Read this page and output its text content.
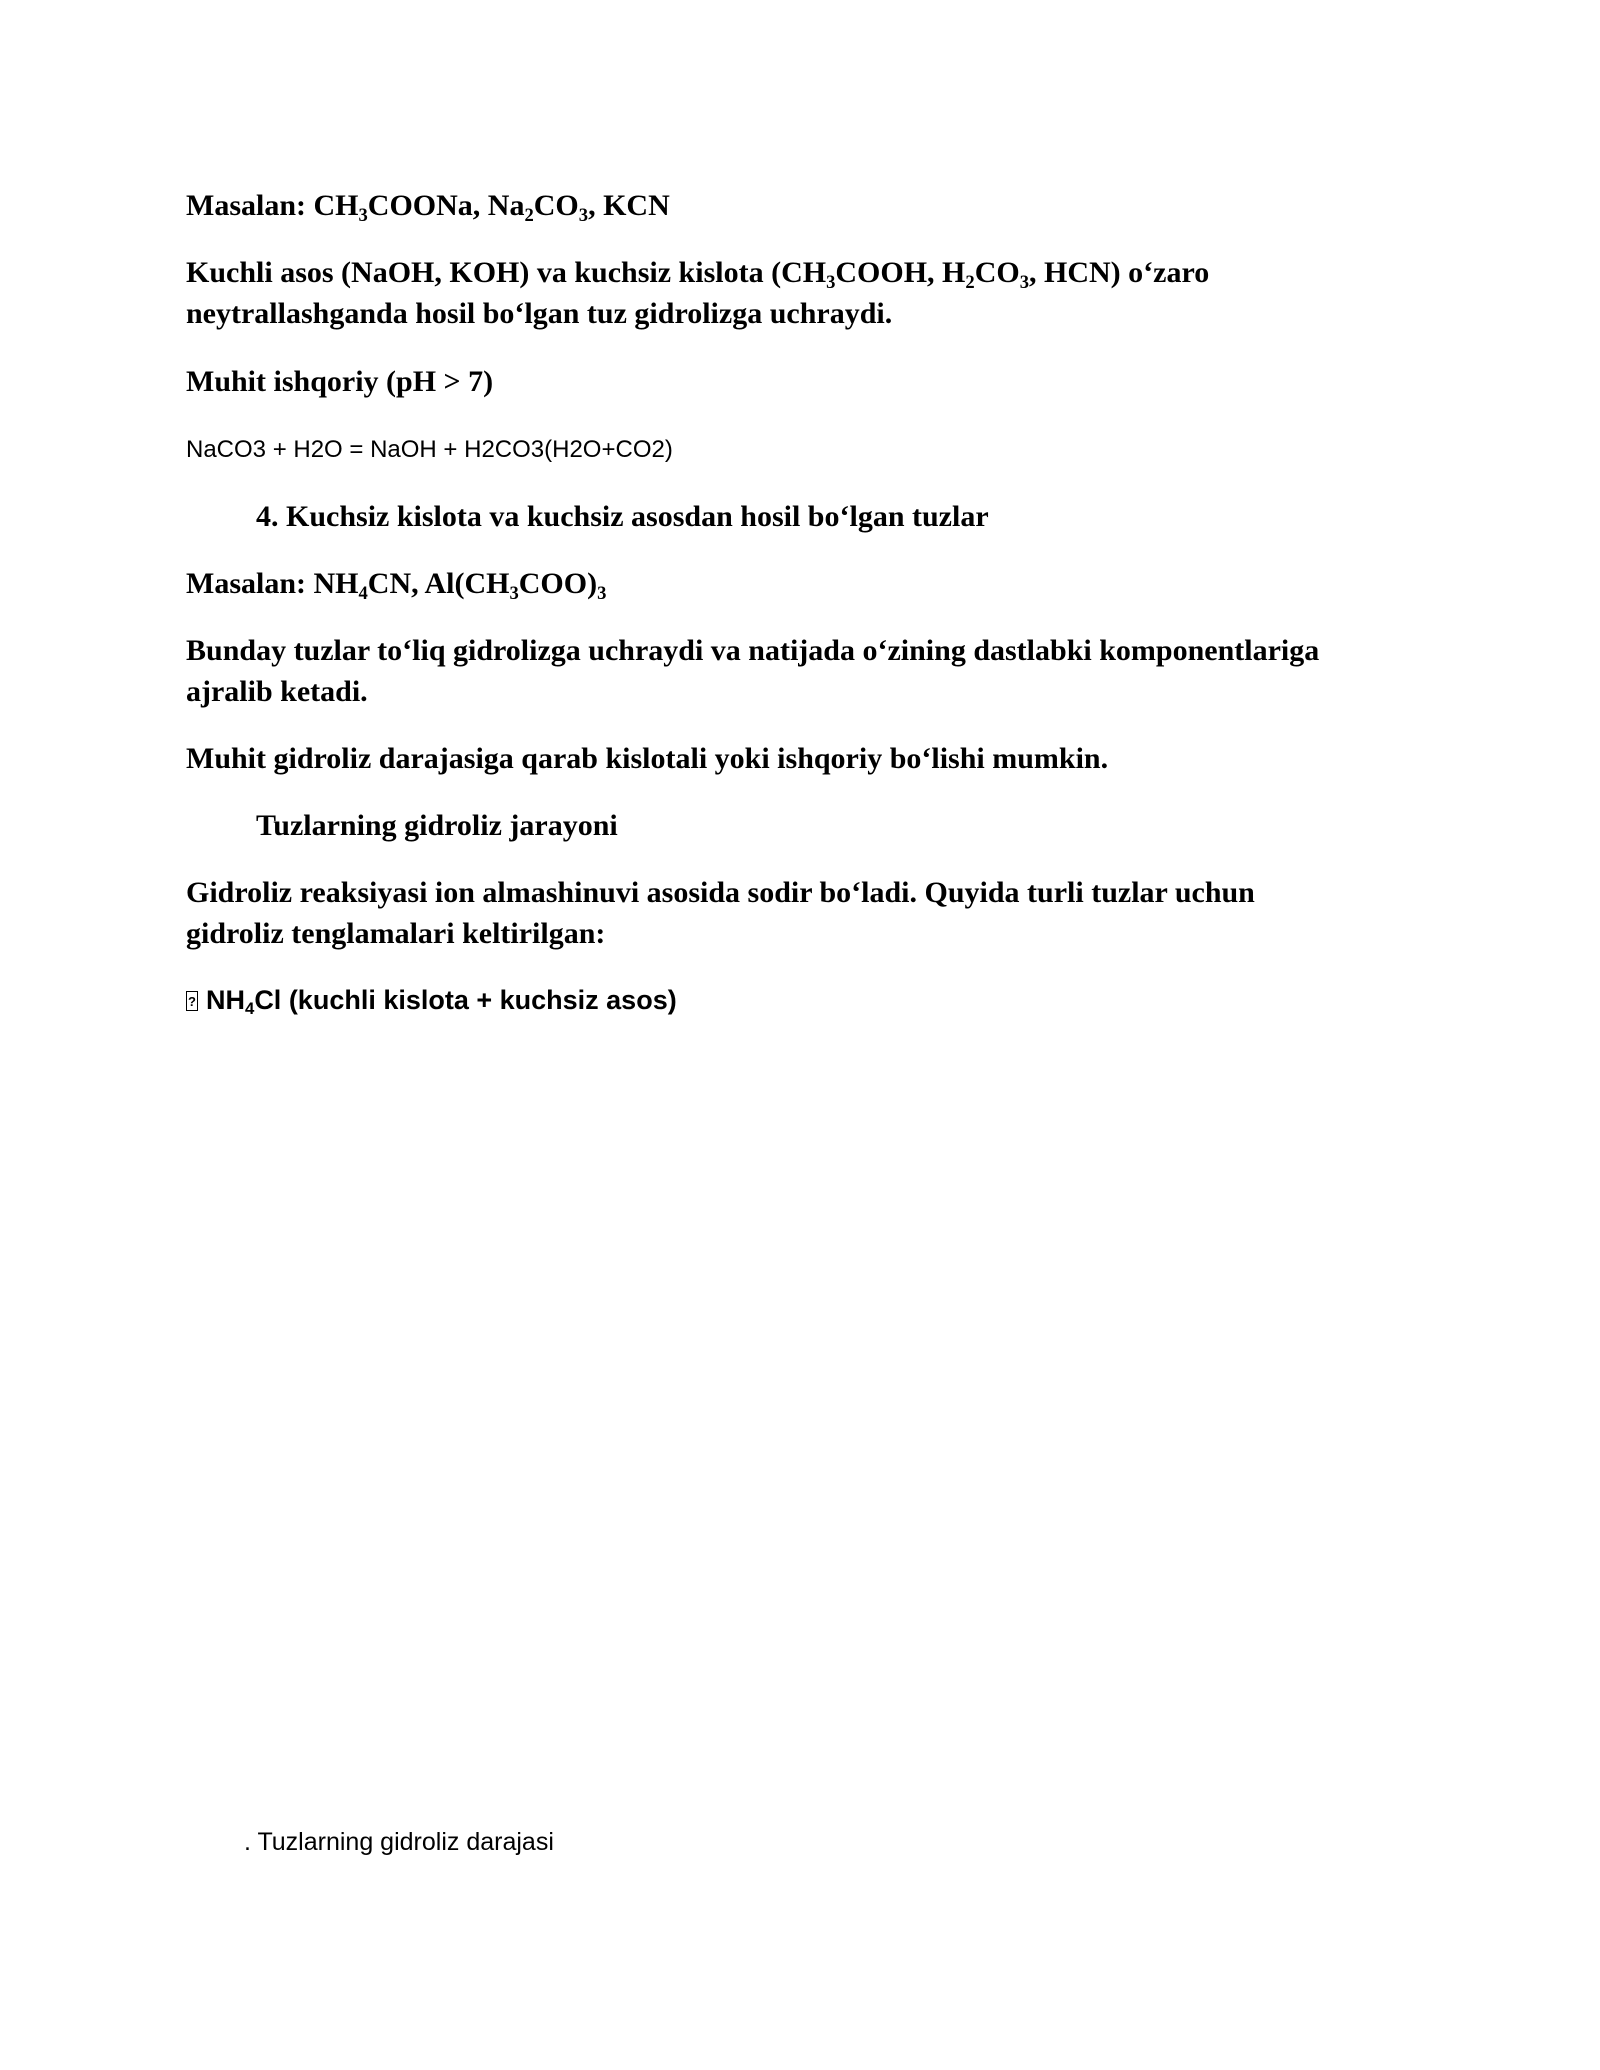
Masalan: $CH_3COONa$, $Na_2CO_3$, KCN

Kuchli asos (NaOH, KOH) va kuchsiz kislota ($CH_3COOH$, $H_2CO_3$, HCN) o‘zaro

neytrallashganda hosil bo‘lgan tuz gidrolizga uchraydi.

Muhit ishqoriy (pH > 7)

NaCO3 + H2O = NaOH + H2CO3(H2O+CO2)

4. Kuchsiz kislota va kuchsiz asosdan hosil bo‘lgan tuzlar

Masalan: $NH_4CN$, $Al(CH_3COO)_3$

Bunday tuzlar to‘liq gidrolizga uchraydi va natijada o‘zining dastlabki komponentlariga

ajralib ketadi.

Muhit gidroliz darajasiga qarab kislotali yoki ishqoriy bo‘lishi mumkin.

Tuzlarning gidroliz jarayoni

Gidroliz reaksiyasi ion almashinuvi asosida sodir bo‘ladi. Quyida turli tuzlar uchun

gidroliz tenglamalari keltirilgan:

$?NH_4Cl$ (kuchli kislota + kuchsiz asos)

. Tuzlarning gidroliz darajasi
